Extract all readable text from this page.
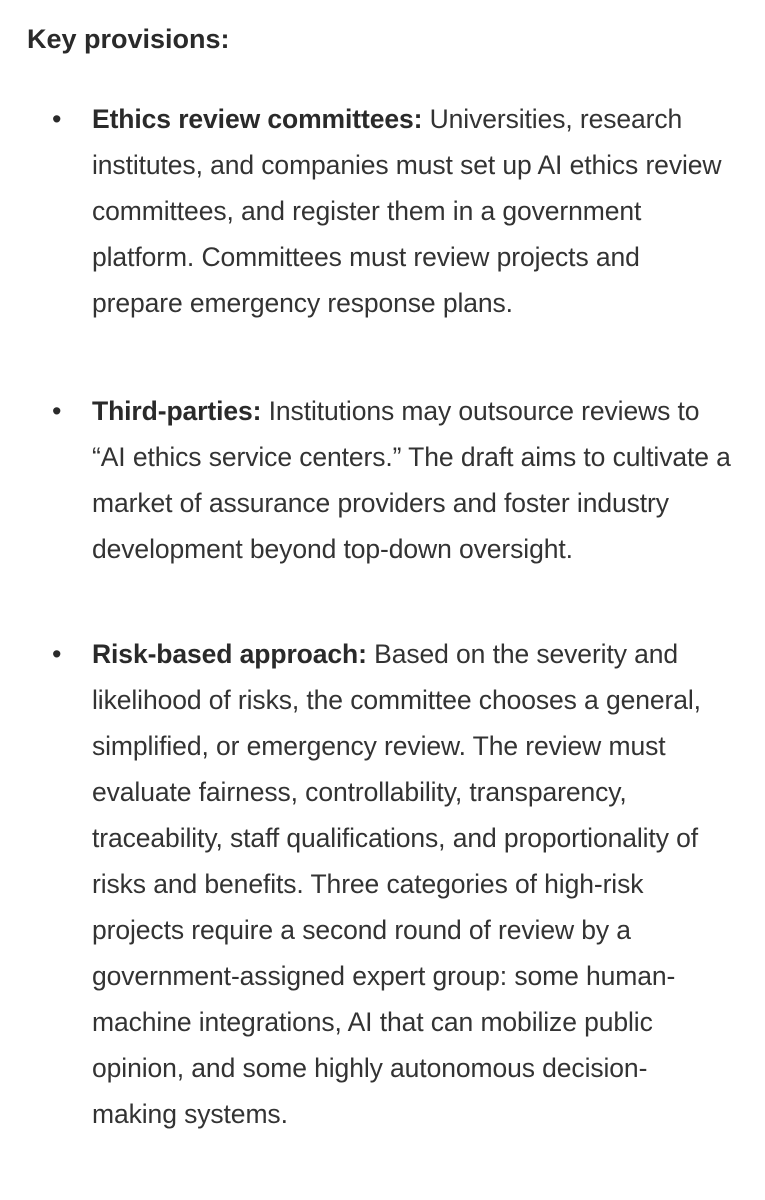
Key provisions:
• Ethics review committees: Universities, research institutes, and companies must set up AI ethics review committees, and register them in a government platform. Committees must review projects and prepare emergency response plans.

• Third-parties: Institutions may outsource reviews to “AI ethics service centers.” The draft aims to cultivate a market of assurance providers and foster industry development beyond top-down oversight.

• Risk-based approach: Based on the severity and likelihood of risks, the committee chooses a general, simplified, or emergency review. The review must evaluate fairness, controllability, transparency, traceability, staff qualifications, and proportionality of risks and benefits. Three categories of high-risk projects require a second round of review by a government-assigned expert group: some human-machine integrations, AI that can mobilize public opinion, and some highly autonomous decision-making systems.
